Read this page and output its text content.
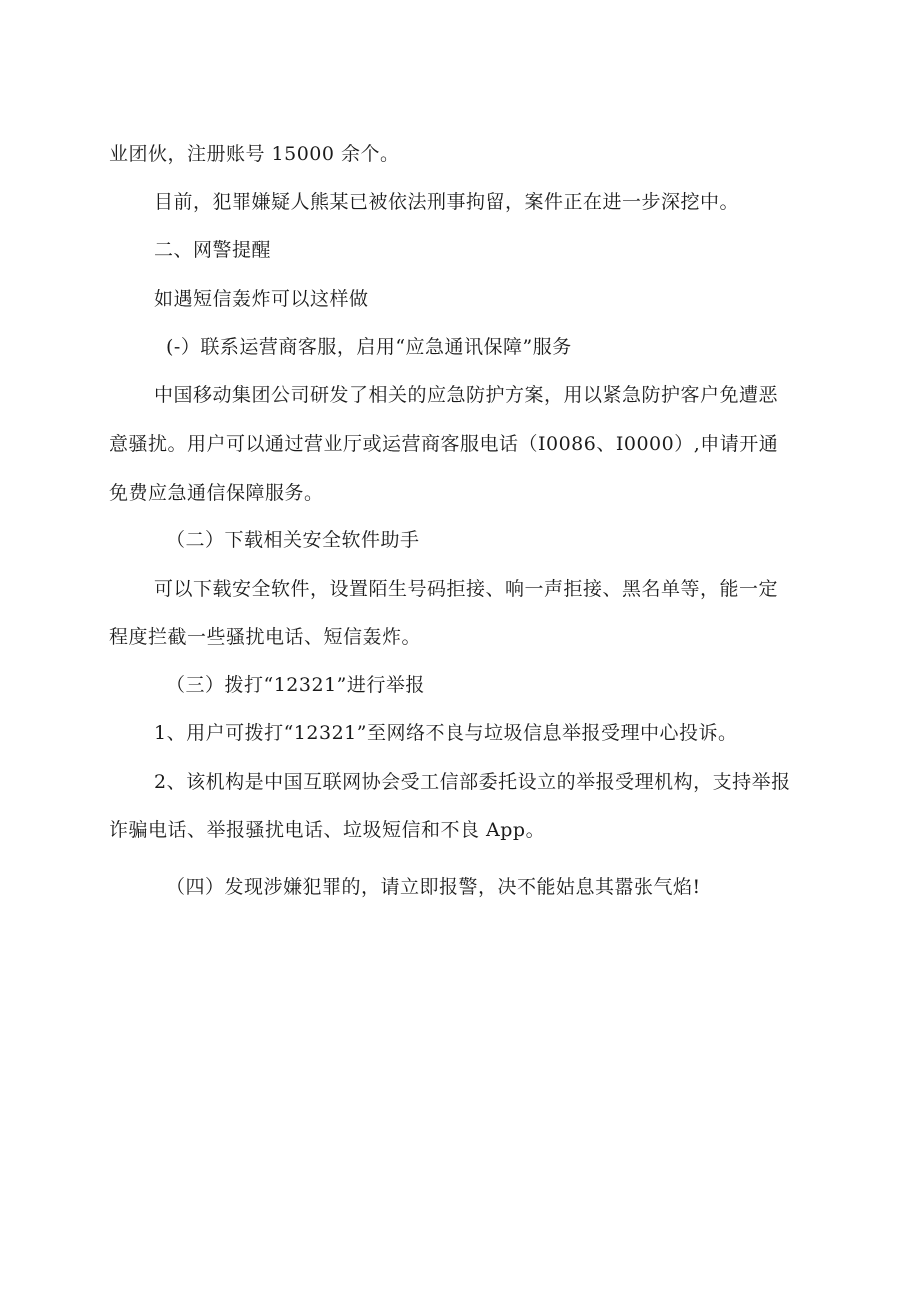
业团伙，注册账号 15000 余个。
目前，犯罪嫌疑人熊某已被依法刑事拘留，案件正在进一步深挖中。
二、网警提醒
如遇短信轰炸可以这样做
(-）联系运营商客服，启用“应急通讯保障”服务
中国移动集团公司研发了相关的应急防护方案，用以紧急防护客户免遭恶
意骚扰。用户可以通过营业厅或运营商客服电话（I0086、I0000）,申请开通
免费应急通信保障服务。
（二）下载相关安全软件助手
可以下载安全软件，设置陌生号码拒接、响一声拒接、黑名单等，能一定
程度拦截一些骚扰电话、短信轰炸。
（三）拨打“12321”进行举报
1、用户可拨打“12321”至网络不良与垃圾信息举报受理中心投诉。
2、该机构是中国互联网协会受工信部委托设立的举报受理机构，支持举报
诈骗电话、举报骚扰电话、垃圾短信和不良 App。
（四）发现涉嫌犯罪的，请立即报警，决不能姑息其嚣张气焰!
